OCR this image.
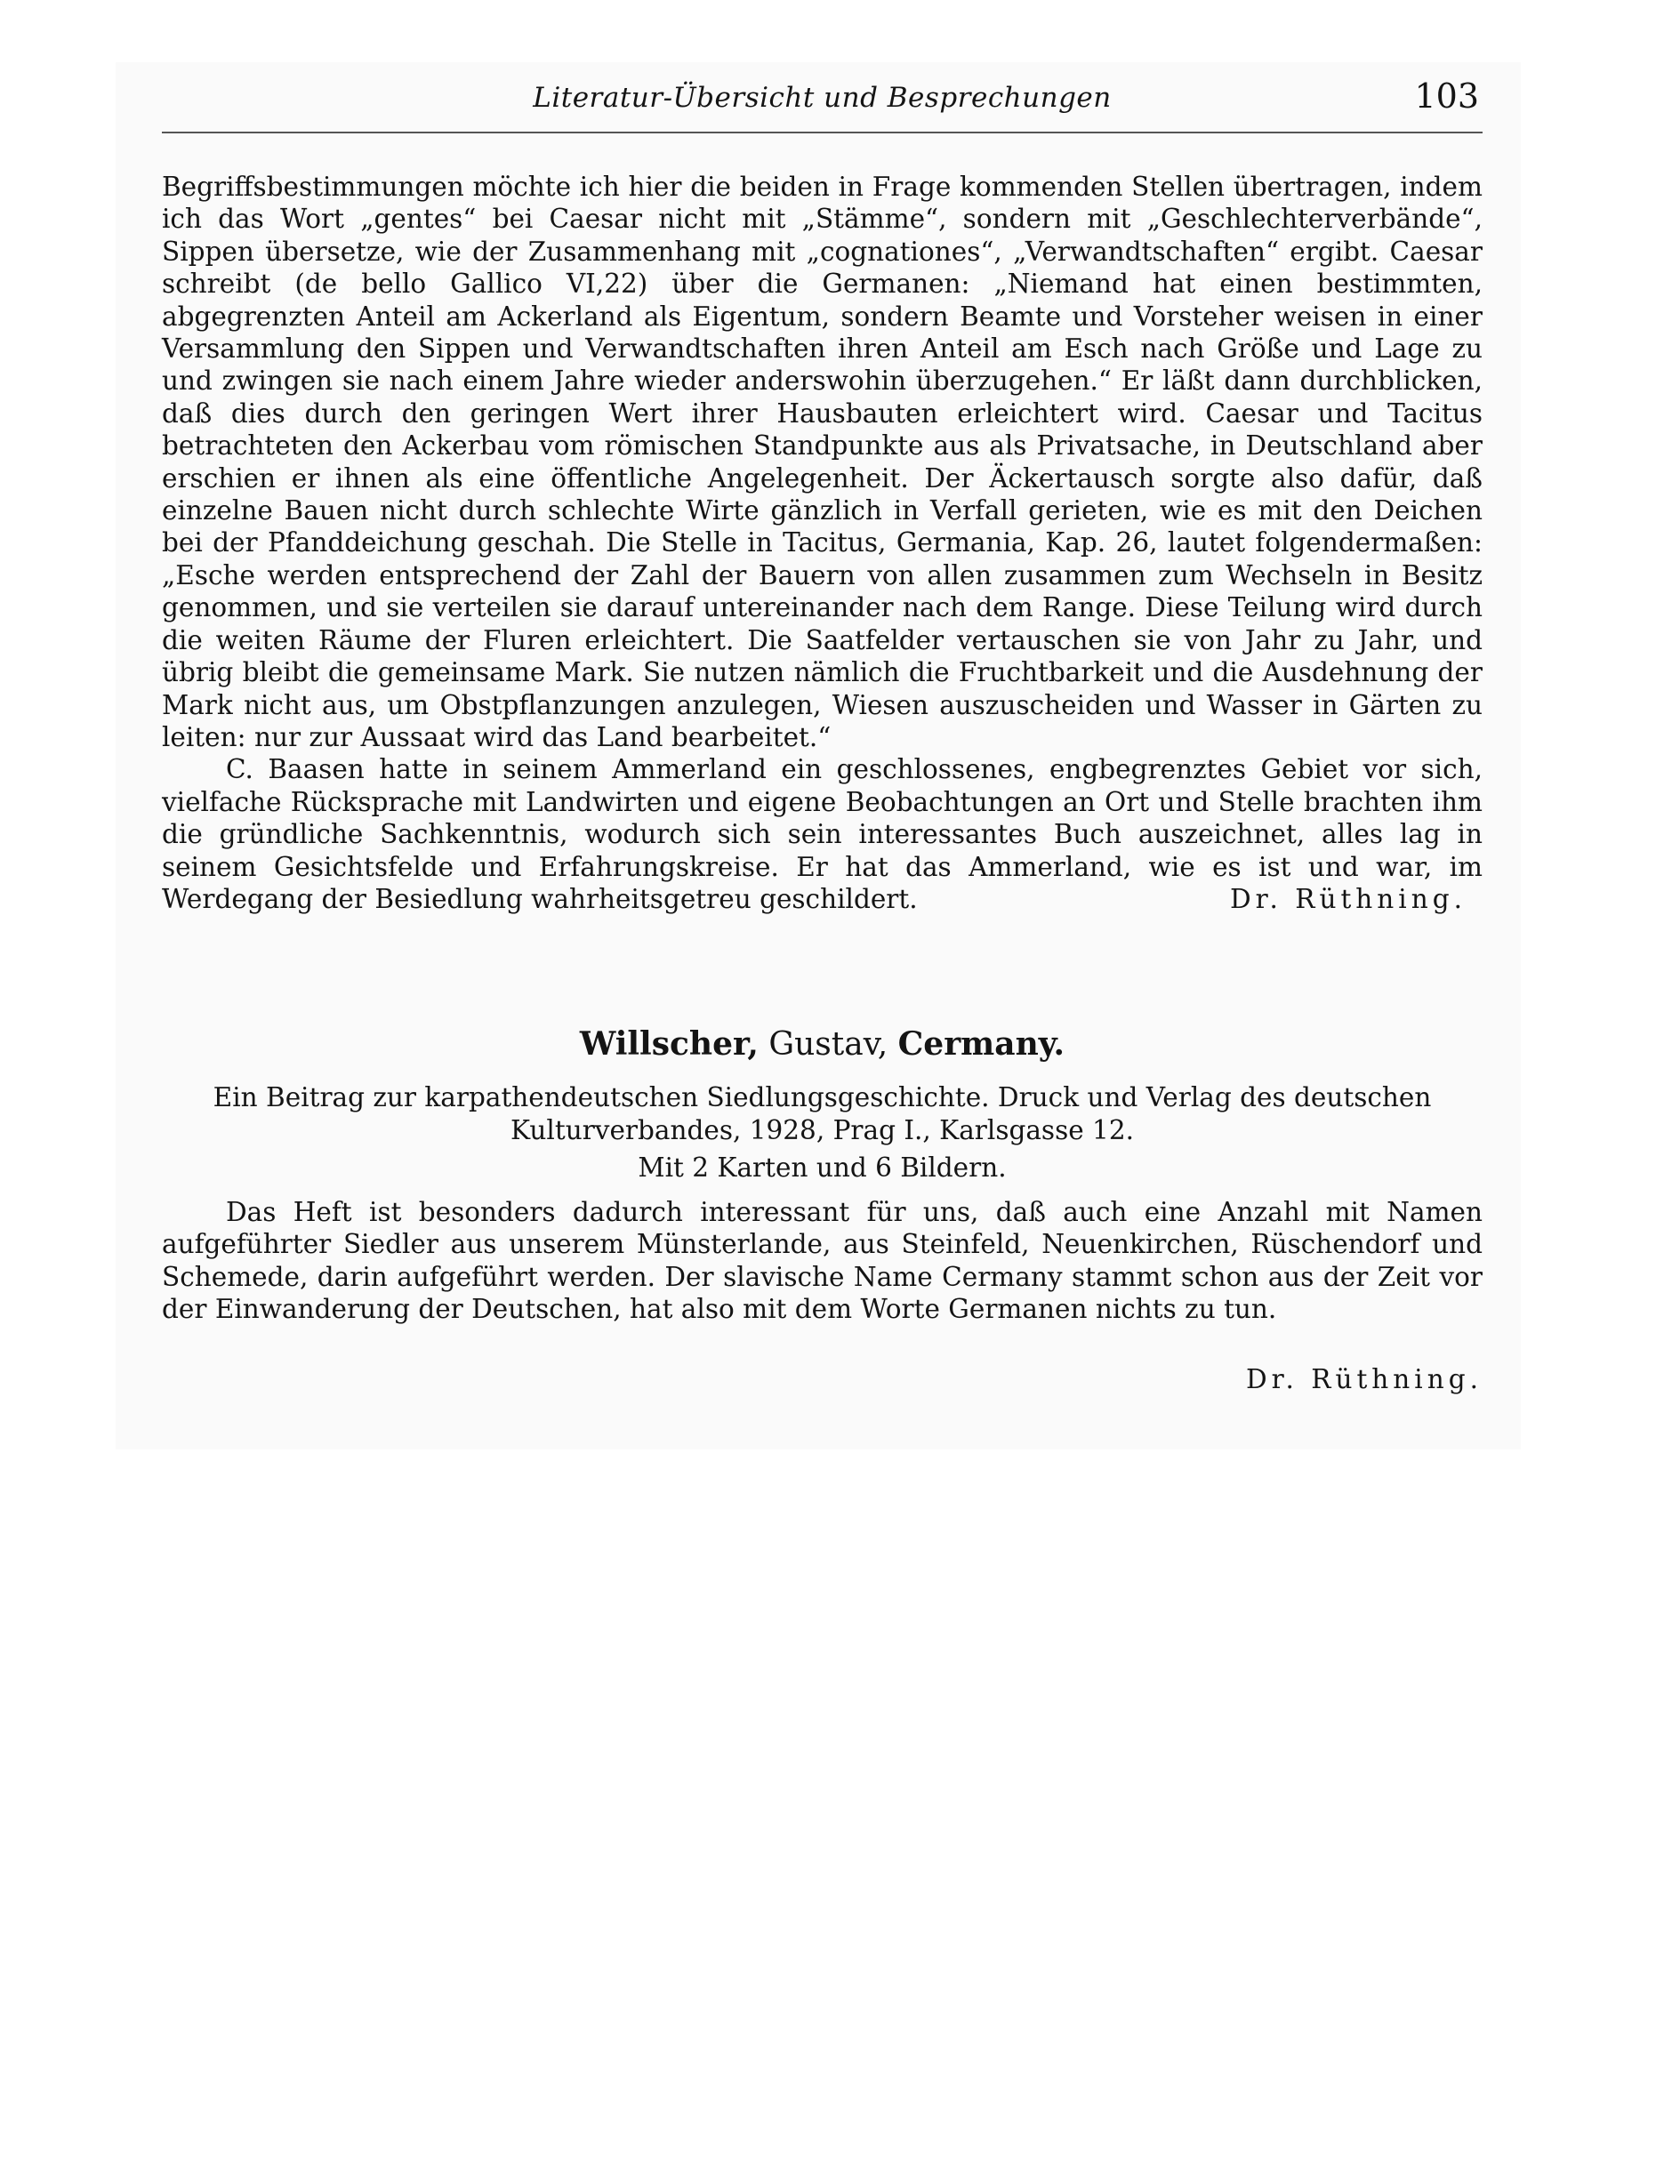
Literatur-Übersicht und Besprechungen	103

Begriffsbestimmungen möchte ich hier die beiden in Frage kommenden Stellen übertragen, indem ich das Wort „gentes“ bei Caesar nicht mit „Stämme“, sondern mit „Geschlechterverbände“, Sippen übersetze, wie der Zusammenhang mit „cognationes“, „Verwandtschaften“ ergibt. Caesar schreibt (de bello Gallico VI,22) über die Germanen: „Niemand hat einen bestimmten, abgegrenzten Anteil am Ackerland als Eigentum, sondern Beamte und Vorsteher weisen in einer Versammlung den Sippen und Verwandtschaften ihren Anteil am Esch nach Größe und Lage zu und zwingen sie nach einem Jahre wieder anderswohin überzugehen.“ Er läßt dann durchblicken, daß dies durch den geringen Wert ihrer Hausbauten erleichtert wird. Caesar und Tacitus betrachteten den Ackerbau vom römischen Standpunkte aus als Privatsache, in Deutschland aber erschien er ihnen als eine öffentliche Angelegenheit. Der Äckertausch sorgte also dafür, daß einzelne Bauen nicht durch schlechte Wirte gänzlich in Verfall gerieten, wie es mit den Deichen bei der Pfanddeichung geschah. Die Stelle in Tacitus, Germania, Kap. 26, lautet folgendermaßen: „Esche werden entsprechend der Zahl der Bauern von allen zusammen zum Wechseln in Besitz genommen, und sie verteilen sie darauf untereinander nach dem Range. Diese Teilung wird durch die weiten Räume der Fluren erleichtert. Die Saatfelder vertauschen sie von Jahr zu Jahr, und übrig bleibt die gemeinsame Mark. Sie nutzen nämlich die Fruchtbarkeit und die Ausdehnung der Mark nicht aus, um Obstpflanzungen anzulegen, Wiesen auszuscheiden und Wasser in Gärten zu leiten: nur zur Aussaat wird das Land bearbeitet.“

C. Baasen hatte in seinem Ammerland ein geschlossenes, engbegrenztes Gebiet vor sich, vielfache Rücksprache mit Landwirten und eigene Beobachtungen an Ort und Stelle brachten ihm die gründliche Sachkenntnis, wodurch sich sein interessantes Buch auszeichnet, alles lag in seinem Gesichtsfelde und Erfahrungskreise. Er hat das Ammerland, wie es ist und war, im Werdegang der Besiedlung wahrheitsgetreu geschildert.	Dr. Rüthning.

Willscher, Gustav, Cermany.
Ein Beitrag zur karpathendeutschen Siedlungsgeschichte. Druck und Verlag des deutschen
Kulturverbandes, 1928, Prag I., Karlsgasse 12.
Mit 2 Karten und 6 Bildern.

Das Heft ist besonders dadurch interessant für uns, daß auch eine Anzahl mit Namen aufgeführter Siedler aus unserem Münsterlande, aus Steinfeld, Neuenkirchen, Rüschendorf und Schemede, darin aufgeführt werden. Der slavische Name Cermany stammt schon aus der Zeit vor der Einwanderung der Deutschen, hat also mit dem Worte Germanen nichts zu tun.

Dr. Rüthning.
